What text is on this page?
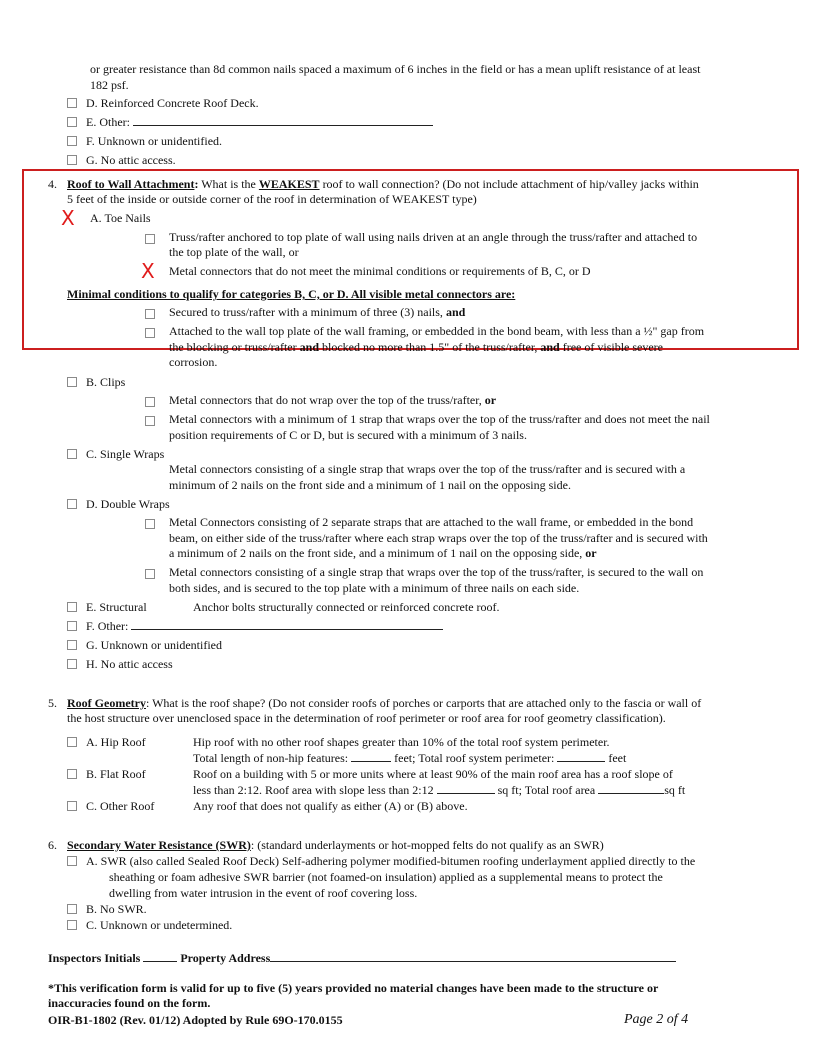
or greater resistance than 8d common nails spaced a maximum of 6 inches in the field or has a mean uplift resistance of at least

182 psf.

D. Reinforced Concrete Roof Deck.
E. Other:
F. Unknown or unidentified.
G. No attic access.

4. Roof to Wall Attachment: What is the WEAKEST roof to wall connection? (Do not include attachment of hip/valley jacks within

5 feet of the inside or outside corner of the roof in determination of WEAKEST type)

X A. Toe Nails

Truss/rafter anchored to top plate of wall using nails driven at an angle through the truss/rafter and attached to

the top plate of the wall, or

X Metal connectors that do not meet the minimal conditions or requirements of B, C, or D

Minimal conditions to qualify for categories B, C, or D. All visible metal connectors are:

Secured to truss/rafter with a minimum of three (3) nails, and

Attached to the wall top plate of the wall framing, or embedded in the bond beam, with less than a ½" gap from

the blocking or truss/rafter and blocked no more than 1.5" of the truss/rafter, and free of visible severe

corrosion.

B. Clips

Metal connectors that do not wrap over the top of the truss/rafter, or

Metal connectors with a minimum of 1 strap that wraps over the top of the truss/rafter and does not meet the nail

position requirements of C or D, but is secured with a minimum of 3 nails.

C. Single Wraps

Metal connectors consisting of a single strap that wraps over the top of the truss/rafter and is secured with a

minimum of 2 nails on the front side and a minimum of 1 nail on the opposing side.

D. Double Wraps

Metal Connectors consisting of 2 separate straps that are attached to the wall frame, or embedded in the bond

beam, on either side of the truss/rafter where each strap wraps over the top of the truss/rafter and is secured with

a minimum of 2 nails on the front side, and a minimum of 1 nail on the opposing side, or

Metal connectors consisting of a single strap that wraps over the top of the truss/rafter, is secured to the wall on

both sides, and is secured to the top plate with a minimum of three nails on each side.

E. Structural	Anchor bolts structurally connected or reinforced concrete roof.

F. Other:
G. Unknown or unidentified
H. No attic access

5. Roof Geometry: What is the roof shape? (Do not consider roofs of porches or carports that are attached only to the fascia or wall of

the host structure over unenclosed space in the determination of roof perimeter or roof area for roof geometry classification).

A. Hip Roof	Hip roof with no other roof shapes greater than 10% of the total roof system perimeter.

Total length of non-hip features:	feet; Total roof system perimeter:	feet

B. Flat Roof	Roof on a building with 5 or more units where at least 90% of the main roof area has a roof slope of

less than 2:12. Roof area with slope less than 2:12	sq ft; Total roof area	sq ft

C. Other Roof	Any roof that does not qualify as either (A) or (B) above.

6. Secondary Water Resistance (SWR): (standard underlayments or hot-mopped felts do not qualify as an SWR)

A. SWR (also called Sealed Roof Deck) Self-adhering polymer modified-bitumen roofing underlayment applied directly to the

sheathing or foam adhesive SWR barrier (not foamed-on insulation) applied as a supplemental means to protect the

dwelling from water intrusion in the event of roof covering loss.

B. No SWR.
C. Unknown or undetermined.

Inspectors Initials	Property Address

*This verification form is valid for up to five (5) years provided no material changes have been made to the structure or

inaccuracies found on the form.

OIR-B1-1802 (Rev. 01/12) Adopted by Rule 69O-170.0155	Page 2 of 4
